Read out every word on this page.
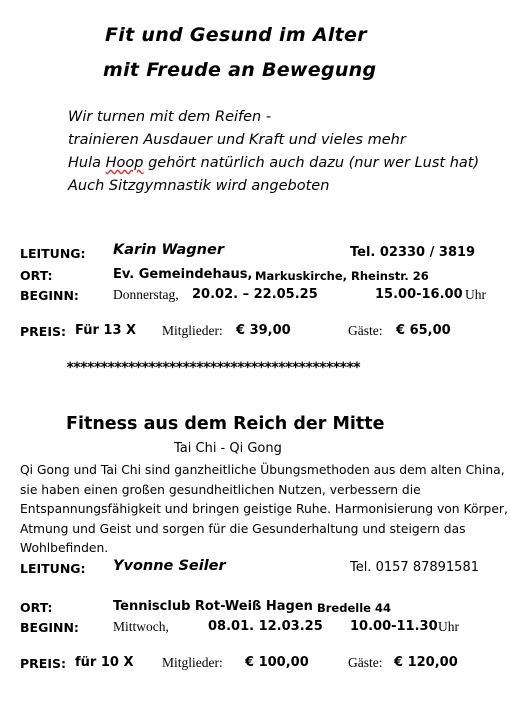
Fit und Gesund im Alter
mit Freude an Bewegung
Wir turnen mit dem Reifen -
trainieren Ausdauer und Kraft und vieles mehr
Hula Hoop gehört natürlich auch dazu (nur wer Lust hat)
Auch Sitzgymnastik wird angeboten
LEITUNG: Karin Wagner	Tel. 02330 / 3819
ORT:	Ev. Gemeindehaus, Markuskirche, Rheinstr. 26
BEGINN:	Donnerstag, 20.02. – 22.05.25	15.00-16.00 Uhr
PREIS: Für 13 X Mitglieder: € 39,00	Gäste: € 65,00
*******************************************
Fitness aus dem Reich der Mitte
Tai Chi - Qi Gong
Qi Gong und Tai Chi sind ganzheitliche Übungsmethoden aus dem alten China, sie haben einen großen gesundheitlichen Nutzen, verbessern die Entspannungsfähigkeit und bringen geistige Ruhe. Harmonisierung von Körper, Atmung und Geist und sorgen für die Gesunderhaltung und steigern das Wohlbefinden.
LEITUNG: Yvonne Seiler	Tel. 0157 87891581
ORT:	Tennisclub Rot-Weiß Hagen Bredelle 44
BEGINN:	Mittwoch,	08.01. 12.03.25 10.00-11.30 Uhr
PREIS: für 10 X Mitglieder: € 100,00	Gäste: € 120,00
